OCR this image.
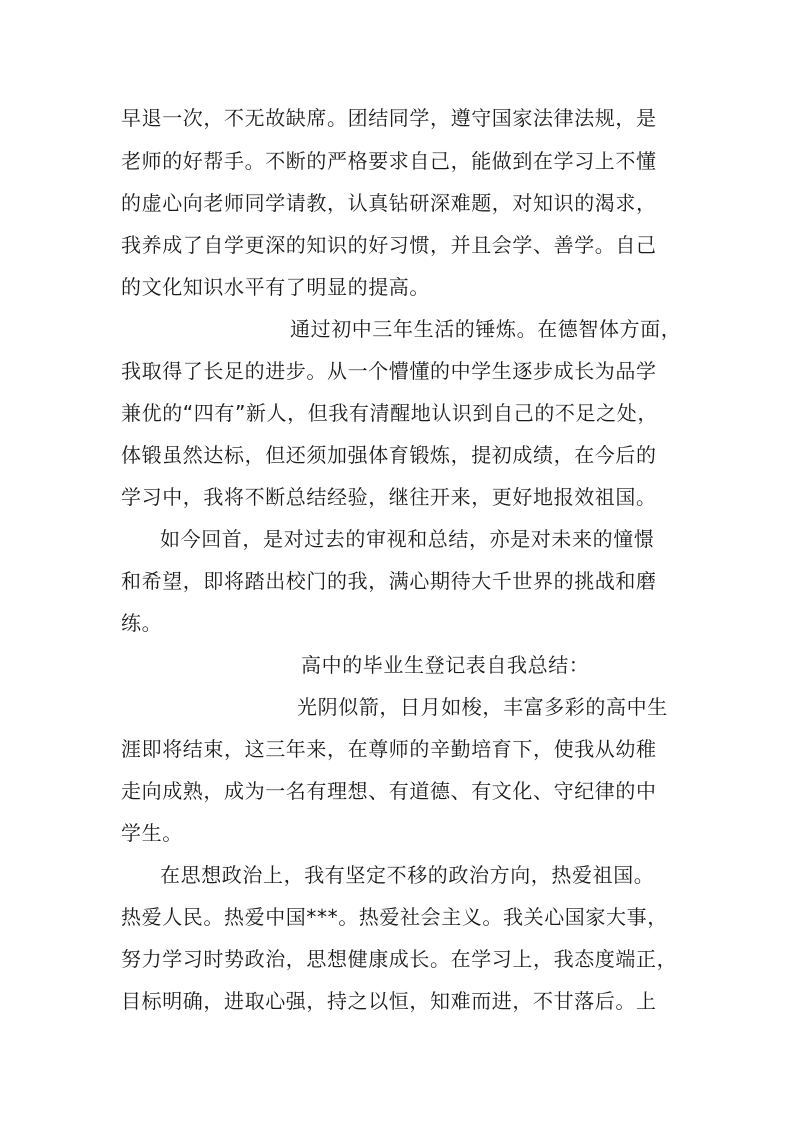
早退一次，不无故缺席。团结同学，遵守国家法律法规，是
老师的好帮手。不断的严格要求自己，能做到在学习上不懂
的虚心向老师同学请教，认真钻研深难题，对知识的渴求，
我养成了自学更深的知识的好习惯，并且会学、善学。自己
的文化知识水平有了明显的提高。
通过初中三年生活的锤炼。在德智体方面，
我取得了长足的进步。从一个懵懂的中学生逐步成长为品学
兼优的“四有”新人，但我有清醒地认识到自己的不足之处，
体锻虽然达标，但还须加强体育锻炼，提初成绩，在今后的
学习中，我将不断总结经验，继往开来，更好地报效祖国。
如今回首，是对过去的审视和总结，亦是对未来的憧憬
和希望，即将踏出校门的我，满心期待大千世界的挑战和磨
练。
高中的毕业生登记表自我总结：
光阴似箭，日月如梭，丰富多彩的高中生
涯即将结束，这三年来，在尊师的辛勤培育下，使我从幼稚
走向成熟，成为一名有理想、有道德、有文化、守纪律的中
学生。
在思想政治上，我有坚定不移的政治方向，热爱祖国。
热爱人民。热爱中国***。热爱社会主义。我关心国家大事，
努力学习时势政治，思想健康成长。在学习上，我态度端正，
目标明确，进取心强，持之以恒，知难而进，不甘落后。上
